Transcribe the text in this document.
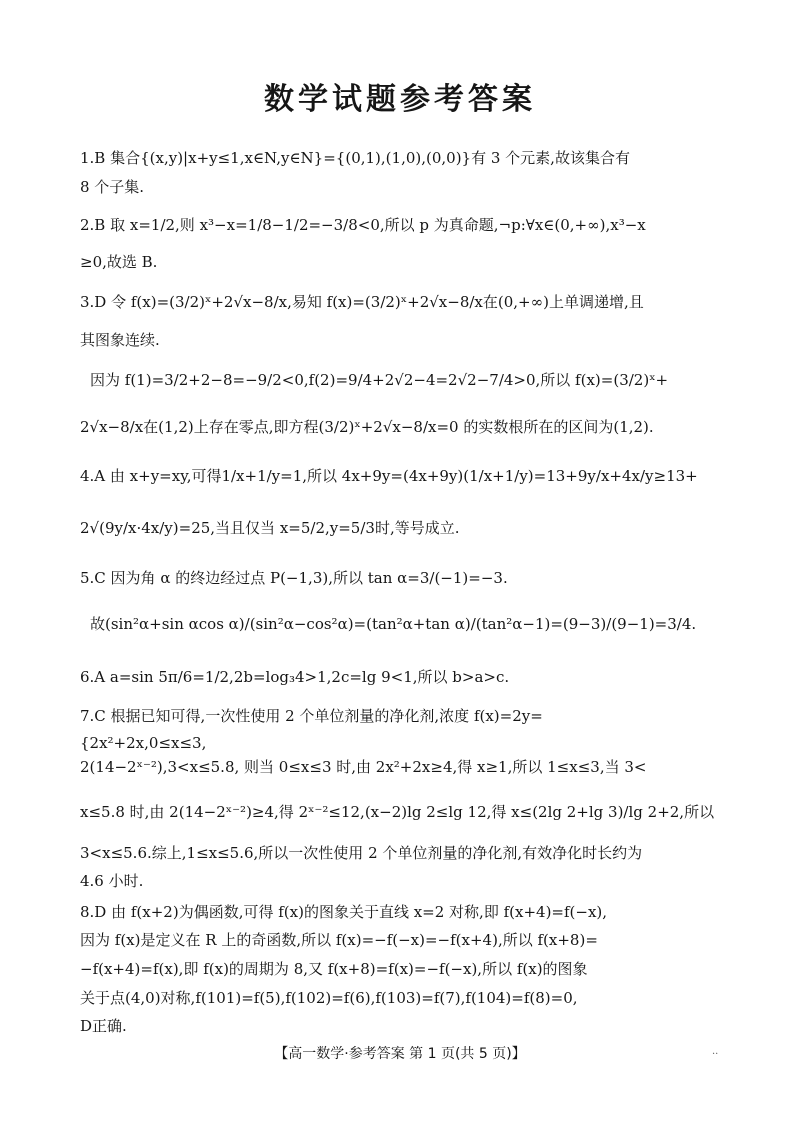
数学试题参考答案
1.B 集合{(x,y)|x+y≤1,x∈N,y∈N}={(0,1),(1,0),(0,0)}有 3 个元素,故该集合有
8 个子集.
2.B 取 x=1/2,则 x³−x=1/8−1/2=−3/8<0,所以 p 为真命题,¬p:∀x∈(0,+∞),x³−x
≥0,故选 B.
3.D 令 f(x)=(3/2)ˣ+2√x−8/x,易知 f(x)=(3/2)ˣ+2√x−8/x在(0,+∞)上单调递增,且
其图象连续.
因为 f(1)=3/2+2−8=−9/2<0,f(2)=9/4+2√2−4=2√2−7/4>0,所以 f(x)=(3/2)ˣ+
2√x−8/x在(1,2)上存在零点,即方程(3/2)ˣ+2√x−8/x=0 的实数根所在的区间为(1,2).
4.A 由 x+y=xy,可得1/x+1/y=1,所以 4x+9y=(4x+9y)(1/x+1/y)=13+9y/x+4x/y≥13+
2√(9y/x·4x/y)=25,当且仅当 x=5/2,y=5/3时,等号成立.
5.C 因为角 α 的终边经过点 P(−1,3),所以 tan α=3/(−1)=−3.
故(sin²α+sin αcos α)/(sin²α−cos²α)=(tan²α+tan α)/(tan²α−1)=(9−3)/(9−1)=3/4.
6.A a=sin 5π/6=1/2,2b=log₃4>1,2c=lg 9<1,所以 b>a>c.
7.C 根据已知可得,一次性使用 2 个单位剂量的净化剂,浓度 f(x)=2y=
{2x²+2x,0≤x≤3,
2(14−2ˣ⁻²),3<x≤5.8, 则当 0≤x≤3 时,由 2x²+2x≥4,得 x≥1,所以 1≤x≤3,当 3<
x≤5.8 时,由 2(14−2ˣ⁻²)≥4,得 2ˣ⁻²≤12,(x−2)lg 2≤lg 12,得 x≤(2lg 2+lg 3)/lg 2+2,所以
3<x≤5.6.综上,1≤x≤5.6,所以一次性使用 2 个单位剂量的净化剂,有效净化时长约为
4.6 小时.
8.D 由 f(x+2)为偶函数,可得 f(x)的图象关于直线 x=2 对称,即 f(x+4)=f(−x),
因为 f(x)是定义在 R 上的奇函数,所以 f(x)=−f(−x)=−f(x+4),所以 f(x+8)=
−f(x+4)=f(x),即 f(x)的周期为 8,又 f(x+8)=f(x)=−f(−x),所以 f(x)的图象
关于点(4,0)对称,f(101)=f(5),f(102)=f(6),f(103)=f(7),f(104)=f(8)=0,
D正确.
【高一数学·参考答案 第 1 页(共 5 页)】	··
